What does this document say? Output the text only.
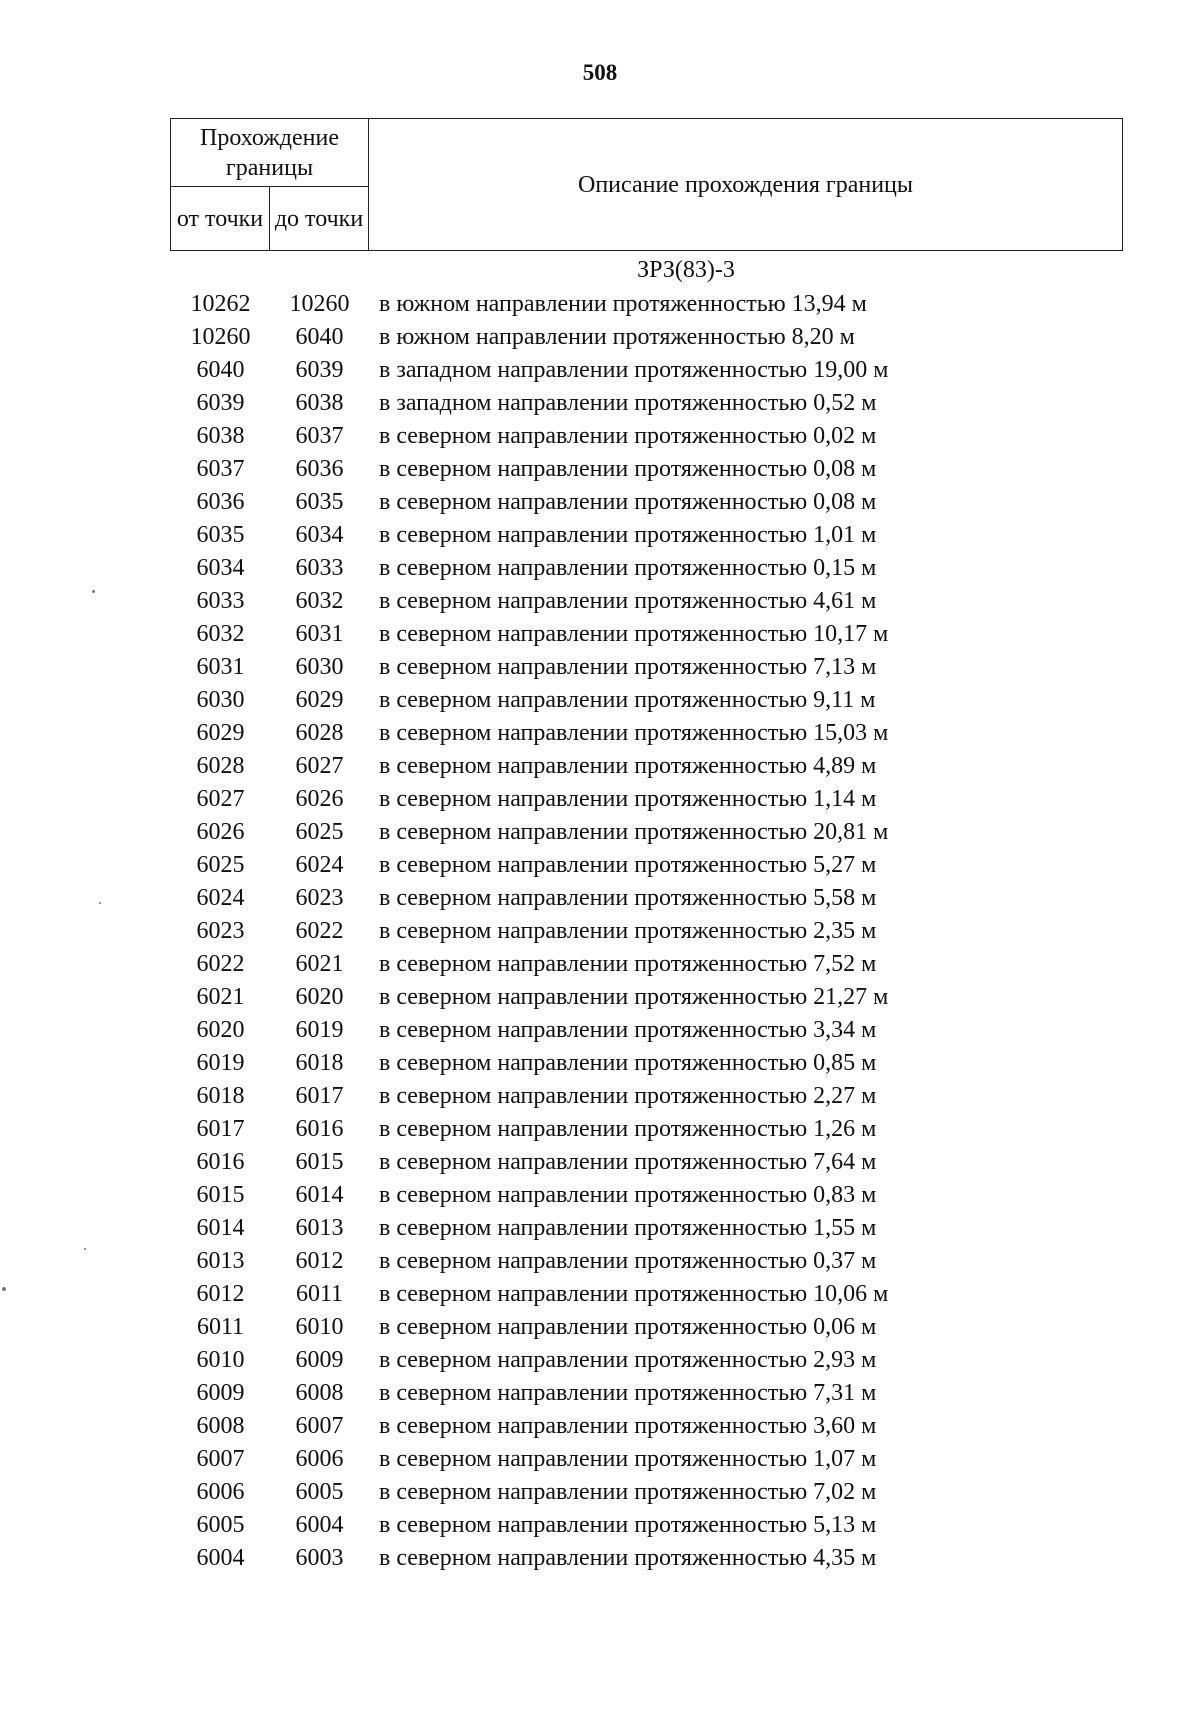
508
Прохождение границы		Описание прохождения границы
от точки	до точки	
ЗРЗ(83)-3
10262	10260	в южном направлении протяженностью 13,94 м
10260	6040	в южном направлении протяженностью 8,20 м
6040	6039	в западном направлении протяженностью 19,00 м
6039	6038	в западном направлении протяженностью 0,52 м
6038	6037	в северном направлении протяженностью 0,02 м
6037	6036	в северном направлении протяженностью 0,08 м
6036	6035	в северном направлении протяженностью 0,08 м
6035	6034	в северном направлении протяженностью 1,01 м
6034	6033	в северном направлении протяженностью 0,15 м
6033	6032	в северном направлении протяженностью 4,61 м
6032	6031	в северном направлении протяженностью 10,17 м
6031	6030	в северном направлении протяженностью 7,13 м
6030	6029	в северном направлении протяженностью 9,11 м
6029	6028	в северном направлении протяженностью 15,03 м
6028	6027	в северном направлении протяженностью 4,89 м
6027	6026	в северном направлении протяженностью 1,14 м
6026	6025	в северном направлении протяженностью 20,81 м
6025	6024	в северном направлении протяженностью 5,27 м
6024	6023	в северном направлении протяженностью 5,58 м
6023	6022	в северном направлении протяженностью 2,35 м
6022	6021	в северном направлении протяженностью 7,52 м
6021	6020	в северном направлении протяженностью 21,27 м
6020	6019	в северном направлении протяженностью 3,34 м
6019	6018	в северном направлении протяженностью 0,85 м
6018	6017	в северном направлении протяженностью 2,27 м
6017	6016	в северном направлении протяженностью 1,26 м
6016	6015	в северном направлении протяженностью 7,64 м
6015	6014	в северном направлении протяженностью 0,83 м
6014	6013	в северном направлении протяженностью 1,55 м
6013	6012	в северном направлении протяженностью 0,37 м
6012	6011	в северном направлении протяженностью 10,06 м
6011	6010	в северном направлении протяженностью 0,06 м
6010	6009	в северном направлении протяженностью 2,93 м
6009	6008	в северном направлении протяженностью 7,31 м
6008	6007	в северном направлении протяженностью 3,60 м
6007	6006	в северном направлении протяженностью 1,07 м
6006	6005	в северном направлении протяженностью 7,02 м
6005	6004	в северном направлении протяженностью 5,13 м
6004	6003	в северном направлении протяженностью 4,35 м
